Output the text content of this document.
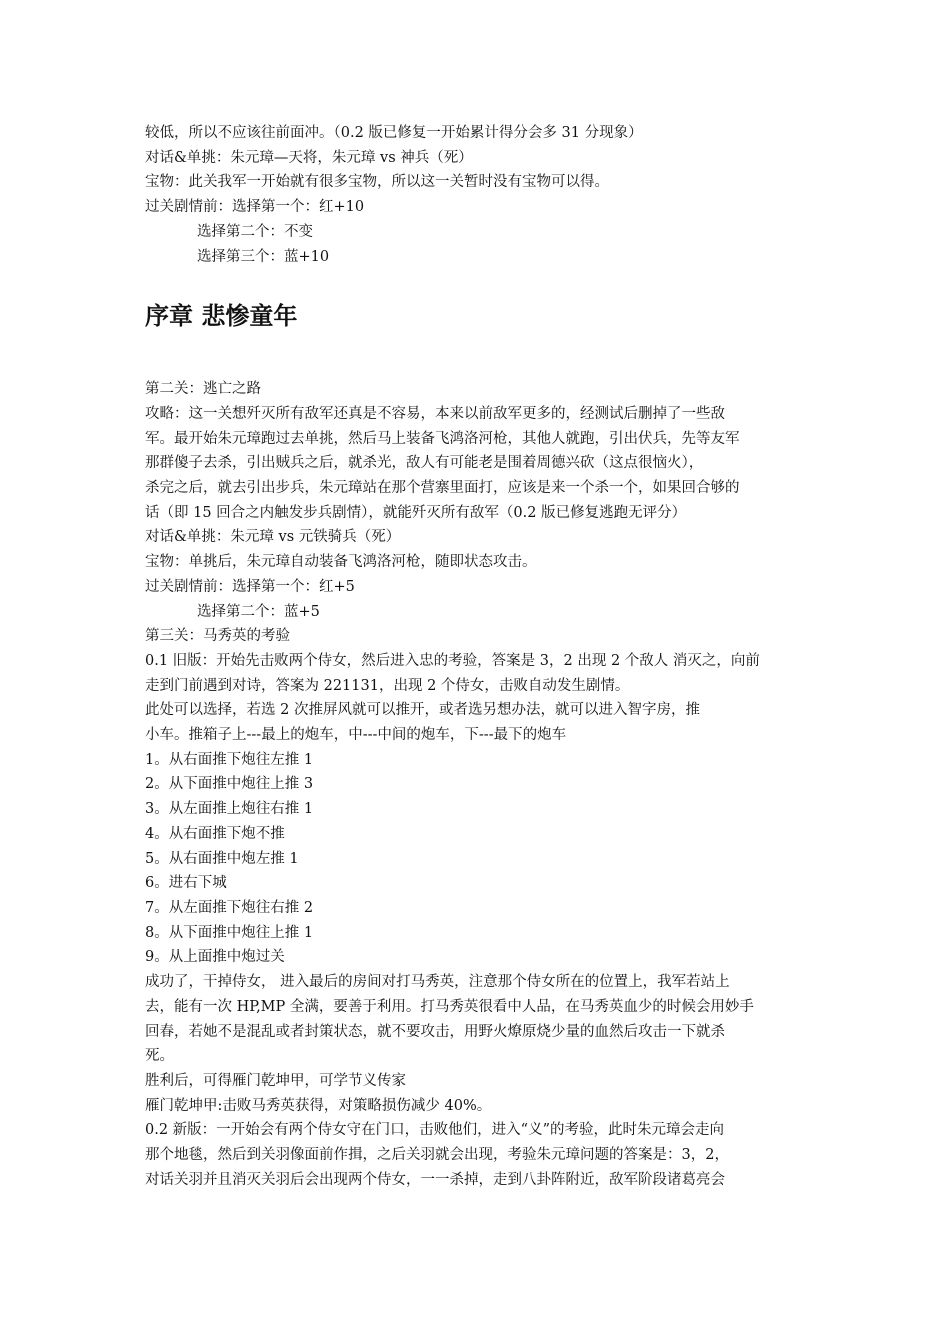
较低，所以不应该往前面冲。（0.2 版已修复一开始累计得分会多 31 分现象）

对话&单挑：朱元璋—天将，朱元璋 vs 神兵（死）

宝物：此关我军一开始就有很多宝物，所以这一关暂时没有宝物可以得。

过关剧情前：选择第一个：红+10

选择第二个：不变

选择第三个：蓝+10

序章 悲惨童年

第二关：逃亡之路

攻略：这一关想歼灭所有敌军还真是不容易，本来以前敌军更多的，经测试后删掉了一些敌

军。最开始朱元璋跑过去单挑，然后马上装备飞鸿洛河枪，其他人就跑，引出伏兵，先等友军

那群傻子去杀，引出贼兵之后，就杀光，敌人有可能老是围着周德兴砍（这点很恼火），

杀完之后，就去引出步兵，朱元璋站在那个营寨里面打，应该是来一个杀一个，如果回合够的

话（即 15 回合之内触发步兵剧情），就能歼灭所有敌军（0.2 版已修复逃跑无评分）

对话&单挑：朱元璋 vs 元铁骑兵（死）

宝物：单挑后，朱元璋自动装备飞鸿洛河枪，随即状态攻击。

过关剧情前：选择第一个：红+5

选择第二个：蓝+5

第三关：马秀英的考验

0.1 旧版：开始先击败两个侍女，然后进入忠的考验，答案是 3，2 出现 2 个敌人 消灭之，向前

走到门前遇到对诗，答案为 221131，出现 2 个侍女，击败自动发生剧情。

此处可以选择，若选 2 次推屏风就可以推开，或者选另想办法，就可以进入智字房，推

小车。推箱子上---最上的炮车，中---中间的炮车，下---最下的炮车

1。从右面推下炮往左推 1

2。从下面推中炮往上推 3

3。从左面推上炮往右推 1

4。从右面推下炮不推

5。从右面推中炮左推 1

6。进右下城

7。从左面推下炮往右推 2

8。从下面推中炮往上推 1

9。从上面推中炮过关

成功了，干掉侍女， 进入最后的房间对打马秀英，注意那个侍女所在的位置上，我军若站上

去，能有一次 HP,MP 全满，要善于利用。打马秀英很看中人品，在马秀英血少的时候会用妙手

回春，若她不是混乱或者封策状态，就不要攻击，用野火燎原烧少量的血然后攻击一下就杀

死。

胜利后，可得雁门乾坤甲，可学节义传家

雁门乾坤甲:击败马秀英获得，对策略损伤减少 40%。

0.2 新版：一开始会有两个侍女守在门口，击败他们，进入“义”的考验，此时朱元璋会走向

那个地毯，然后到关羽像面前作揖，之后关羽就会出现，考验朱元璋问题的答案是：3，2，

对话关羽并且消灭关羽后会出现两个侍女，一一杀掉，走到八卦阵附近，敌军阶段诸葛亮会
